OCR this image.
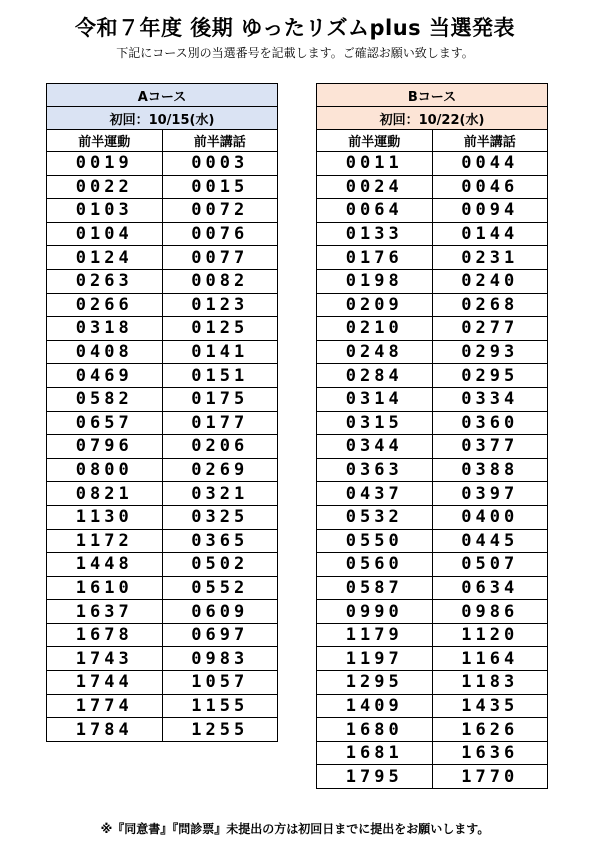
令和７年度 後期 ゆったリズムplus 当選発表
下記にコース別の当選番号を記載します。ご確認お願い致します。
Aコース	
初回：10/15(水)	
前半運動	前半講話
0019	0003
0022	0015
0103	0072
0104	0076
0124	0077
0263	0082
0266	0123
0318	0125
0408	0141
0469	0151
0582	0175
0657	0177
0796	0206
0800	0269
0821	0321
1130	0325
1172	0365
1448	0502
1610	0552
1637	0609
1678	0697
1743	0983
1744	1057
1774	1155
1784	1255
Bコース	
初回：10/22(水)	
前半運動	前半講話
0011	0044
0024	0046
0064	0094
0133	0144
0176	0231
0198	0240
0209	0268
0210	0277
0248	0293
0284	0295
0314	0334
0315	0360
0344	0377
0363	0388
0437	0397
0532	0400
0550	0445
0560	0507
0587	0634
0990	0986
1179	1120
1197	1164
1295	1183
1409	1435
1680	1626
1681	1636
1795	1770
※『同意書』『問診票』未提出の方は初回日までに提出をお願いします。
